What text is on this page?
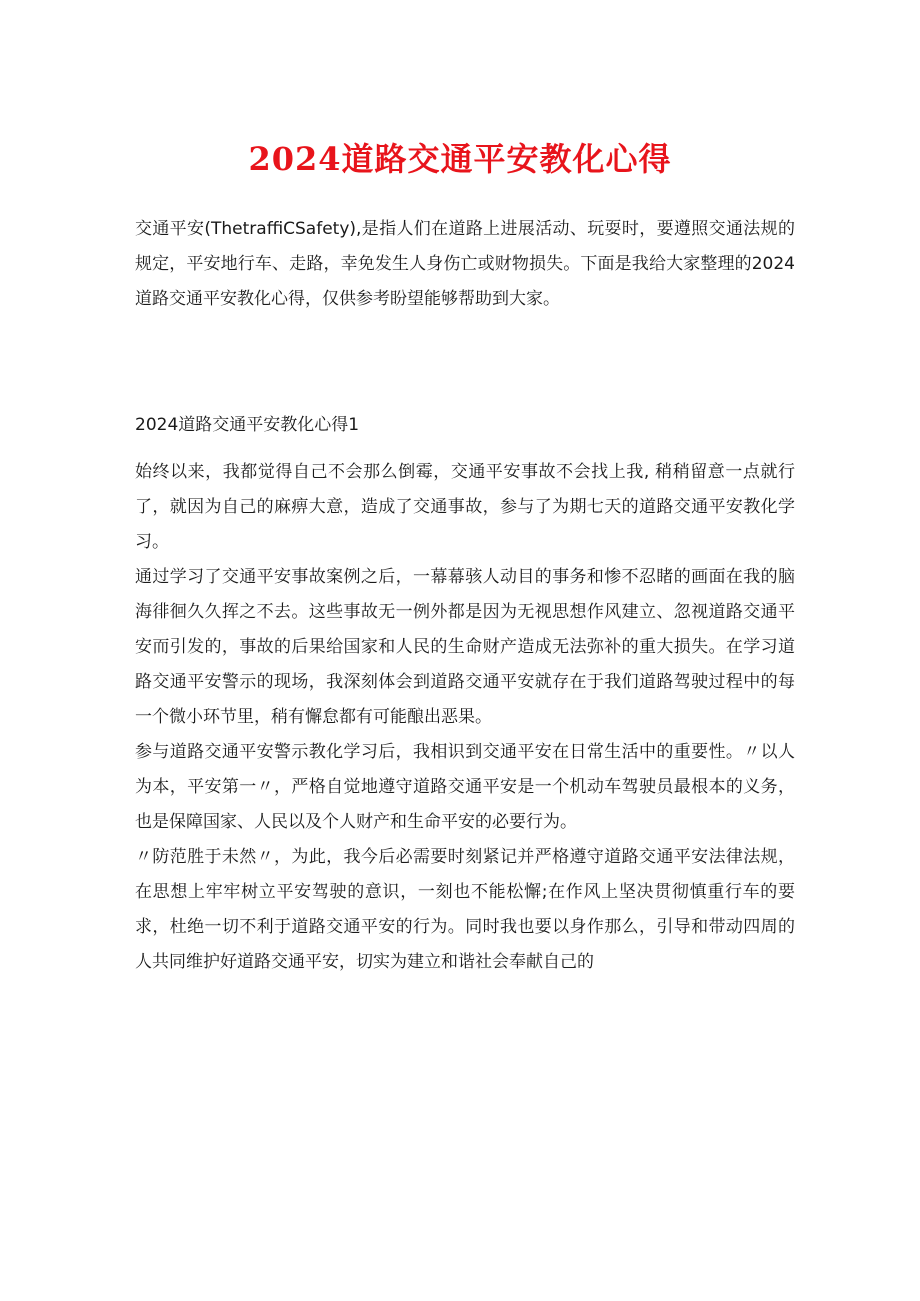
2024道路交通平安教化心得

交通平安(ThetraffiCSafety),是指人们在道路上进展活动、玩耍时，要遵照交通法规的规定，平安地行车、走路，幸免发生人身伤亡或财物损失。下面是我给大家整理的2024道路交通平安教化心得，仅供参考盼望能够帮助到大家。

2024道路交通平安教化心得1

始终以来，我都觉得自己不会那么倒霉，交通平安事故不会找上我, 稍稍留意一点就行了，就因为自己的麻痹大意，造成了交通事故，参与了为期七天的道路交通平安教化学习。

通过学习了交通平安事故案例之后，一幕幕骇人动目的事务和惨不忍睹的画面在我的脑海徘徊久久挥之不去。这些事故无一例外都是因为无视思想作风建立、忽视道路交通平安而引发的，事故的后果给国家和人民的生命财产造成无法弥补的重大损失。在学习道路交通平安警示的现场，我深刻体会到道路交通平安就存在于我们道路驾驶过程中的每一个微小环节里，稍有懈怠都有可能酿出恶果。

参与道路交通平安警示教化学习后，我相识到交通平安在日常生活中的重要性。〃以人为本，平安第一〃，严格自觉地遵守道路交通平安是一个机动车驾驶员最根本的义务，也是保障国家、人民以及个人财产和生命平安的必要行为。

〃防范胜于未然〃，为此，我今后必需要时刻紧记并严格遵守道路交通平安法律法规，在思想上牢牢树立平安驾驶的意识，一刻也不能松懈;在作风上坚决贯彻慎重行车的要求，杜绝一切不利于道路交通平安的行为。同时我也要以身作那么，引导和带动四周的人共同维护好道路交通平安，切实为建立和谐社会奉献自己的
